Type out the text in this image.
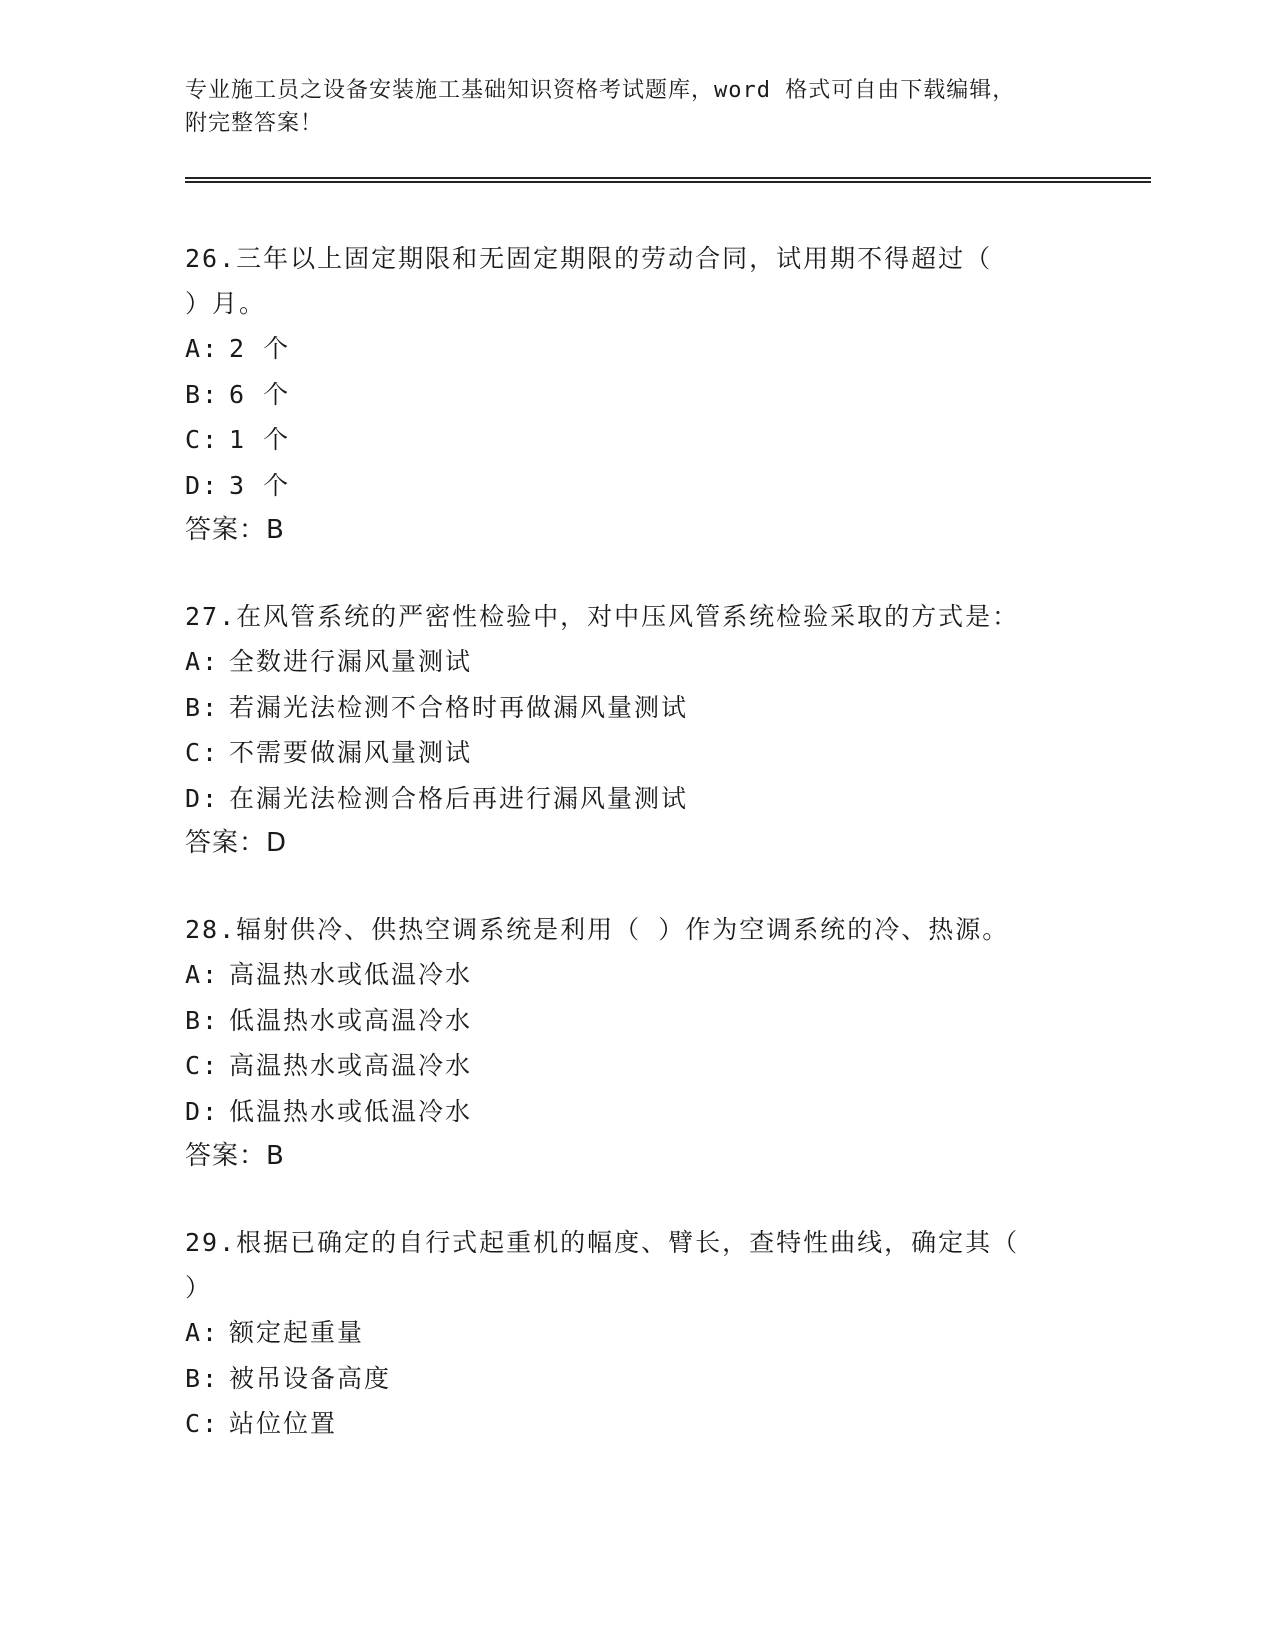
专业施工员之设备安装施工基础知识资格考试题库，word 格式可自由下载编辑，
附完整答案！
26.三年以上固定期限和无固定期限的劳动合同，试用期不得超过（
）月。
A: 2 个
B: 6 个
C: 1 个
D: 3 个
答案：B
27.在风管系统的严密性检验中，对中压风管系统检验采取的方式是：
A: 全数进行漏风量测试
B: 若漏光法检测不合格时再做漏风量测试
C: 不需要做漏风量测试
D: 在漏光法检测合格后再进行漏风量测试
答案：D
28.辐射供冷、供热空调系统是利用（ ）作为空调系统的冷、热源。
A: 高温热水或低温冷水
B: 低温热水或高温冷水
C: 高温热水或高温冷水
D: 低温热水或低温冷水
答案：B
29.根据已确定的自行式起重机的幅度、臂长，查特性曲线，确定其（
）
A: 额定起重量
B: 被吊设备高度
C: 站位位置
